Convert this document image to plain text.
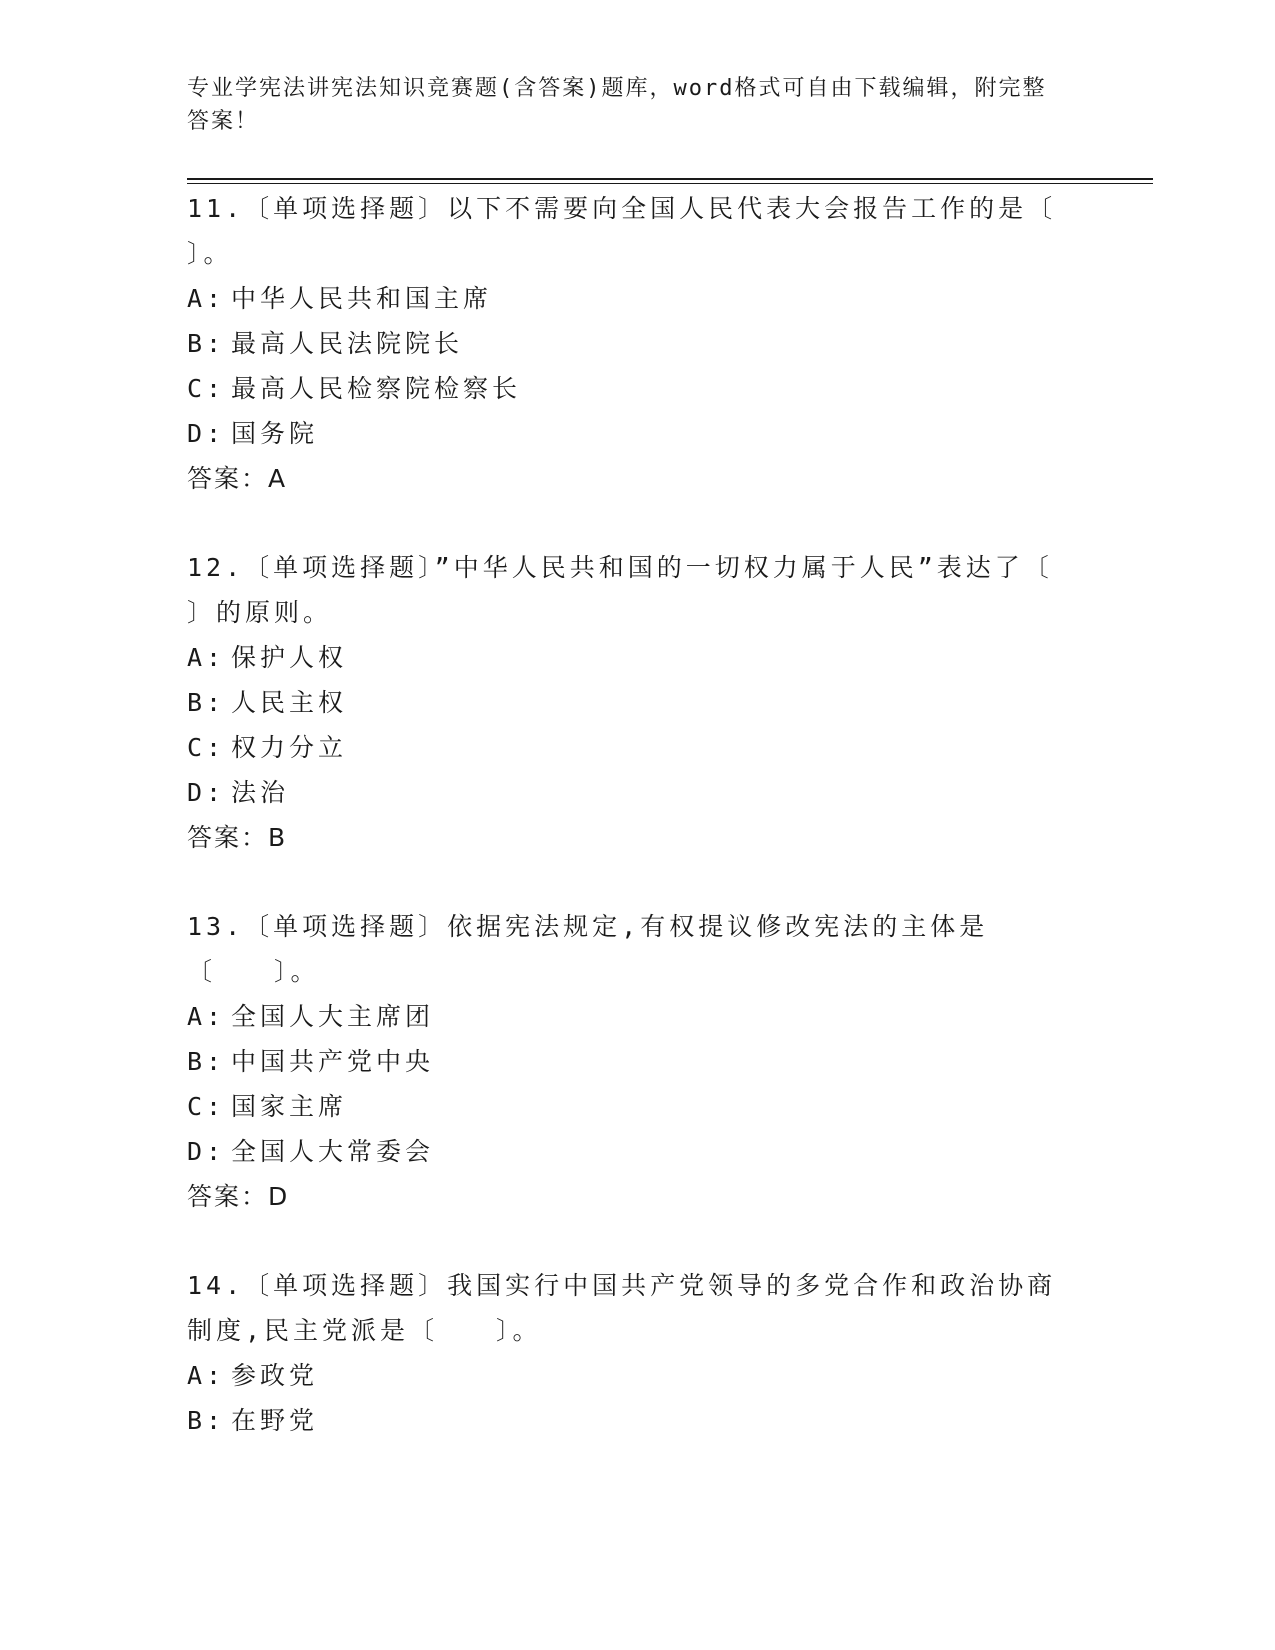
专业学宪法讲宪法知识竞赛题(含答案)题库，word格式可自由下载编辑，附完整答案！

11.〔单项选择题〕以下不需要向全国人民代表大会报告工作的是〔 〕。

A: 中华人民共和国主席

B: 最高人民法院院长

C: 最高人民检察院检察长

D: 国务院

答案：A

12.〔单项选择题〕”中华人民共和国的一切权力属于人民”表达了〔 〕的原则。

A: 保护人权

B: 人民主权

C: 权力分立

D: 法治

答案：B

13.〔单项选择题〕依据宪法规定,有权提议修改宪法的主体是〔　　〕。

A: 全国人大主席团

B: 中国共产党中央

C: 国家主席

D: 全国人大常委会

答案：D

14.〔单项选择题〕我国实行中国共产党领导的多党合作和政治协商制度,民主党派是〔　　〕。

A: 参政党

B: 在野党
